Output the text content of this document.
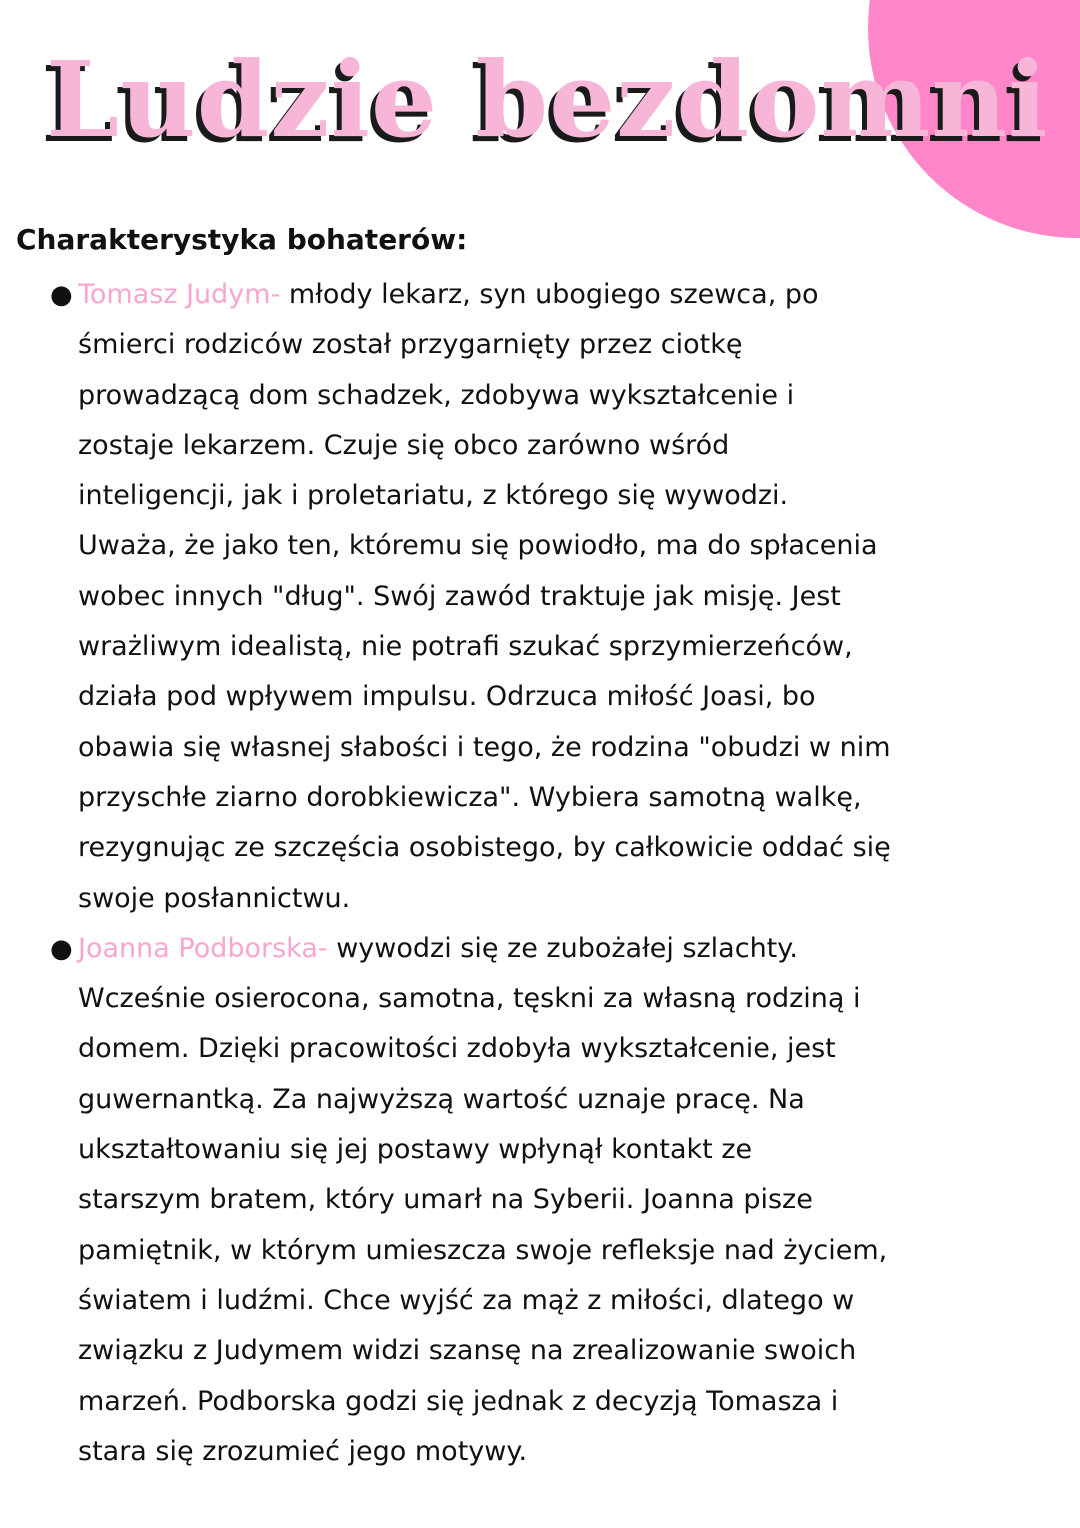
Ludzie bezdomni
Charakterystyka bohaterów:
● Tomasz Judym- młody lekarz, syn ubogiego szewca, po
śmierci rodziców został przygarnięty przez ciotkę
prowadzącą dom schadzek, zdobywa wykształcenie i
zostaje lekarzem. Czuje się obco zarówno wśród
inteligencji, jak i proletariatu, z którego się wywodzi.
Uważa, że jako ten, któremu się powiodło, ma do spłacenia
wobec innych "dług". Swój zawód traktuje jak misję. Jest
wrażliwym idealistą, nie potrafi szukać sprzymierzeńców,
działa pod wpływem impulsu. Odrzuca miłość Joasi, bo
obawia się własnej słabości i tego, że rodzina "obudzi w nim
przyschłe ziarno dorobkiewicza". Wybiera samotną walkę,
rezygnując ze szczęścia osobistego, by całkowicie oddać się
swoje posłannictwu.
● Joanna Podborska- wywodzi się ze zubożałej szlachty.
Wcześnie osierocona, samotna, tęskni za własną rodziną i
domem. Dzięki pracowitości zdobyła wykształcenie, jest
guwernantką. Za najwyższą wartość uznaje pracę. Na
ukształtowaniu się jej postawy wpłynął kontakt ze
starszym bratem, który umarł na Syberii. Joanna pisze
pamiętnik, w którym umieszcza swoje refleksje nad życiem,
światem i ludźmi. Chce wyjść za mąż z miłości, dlatego w
związku z Judymem widzi szansę na zrealizowanie swoich
marzeń. Podborska godzi się jednak z decyzją Tomasza i
stara się zrozumieć jego motywy.
